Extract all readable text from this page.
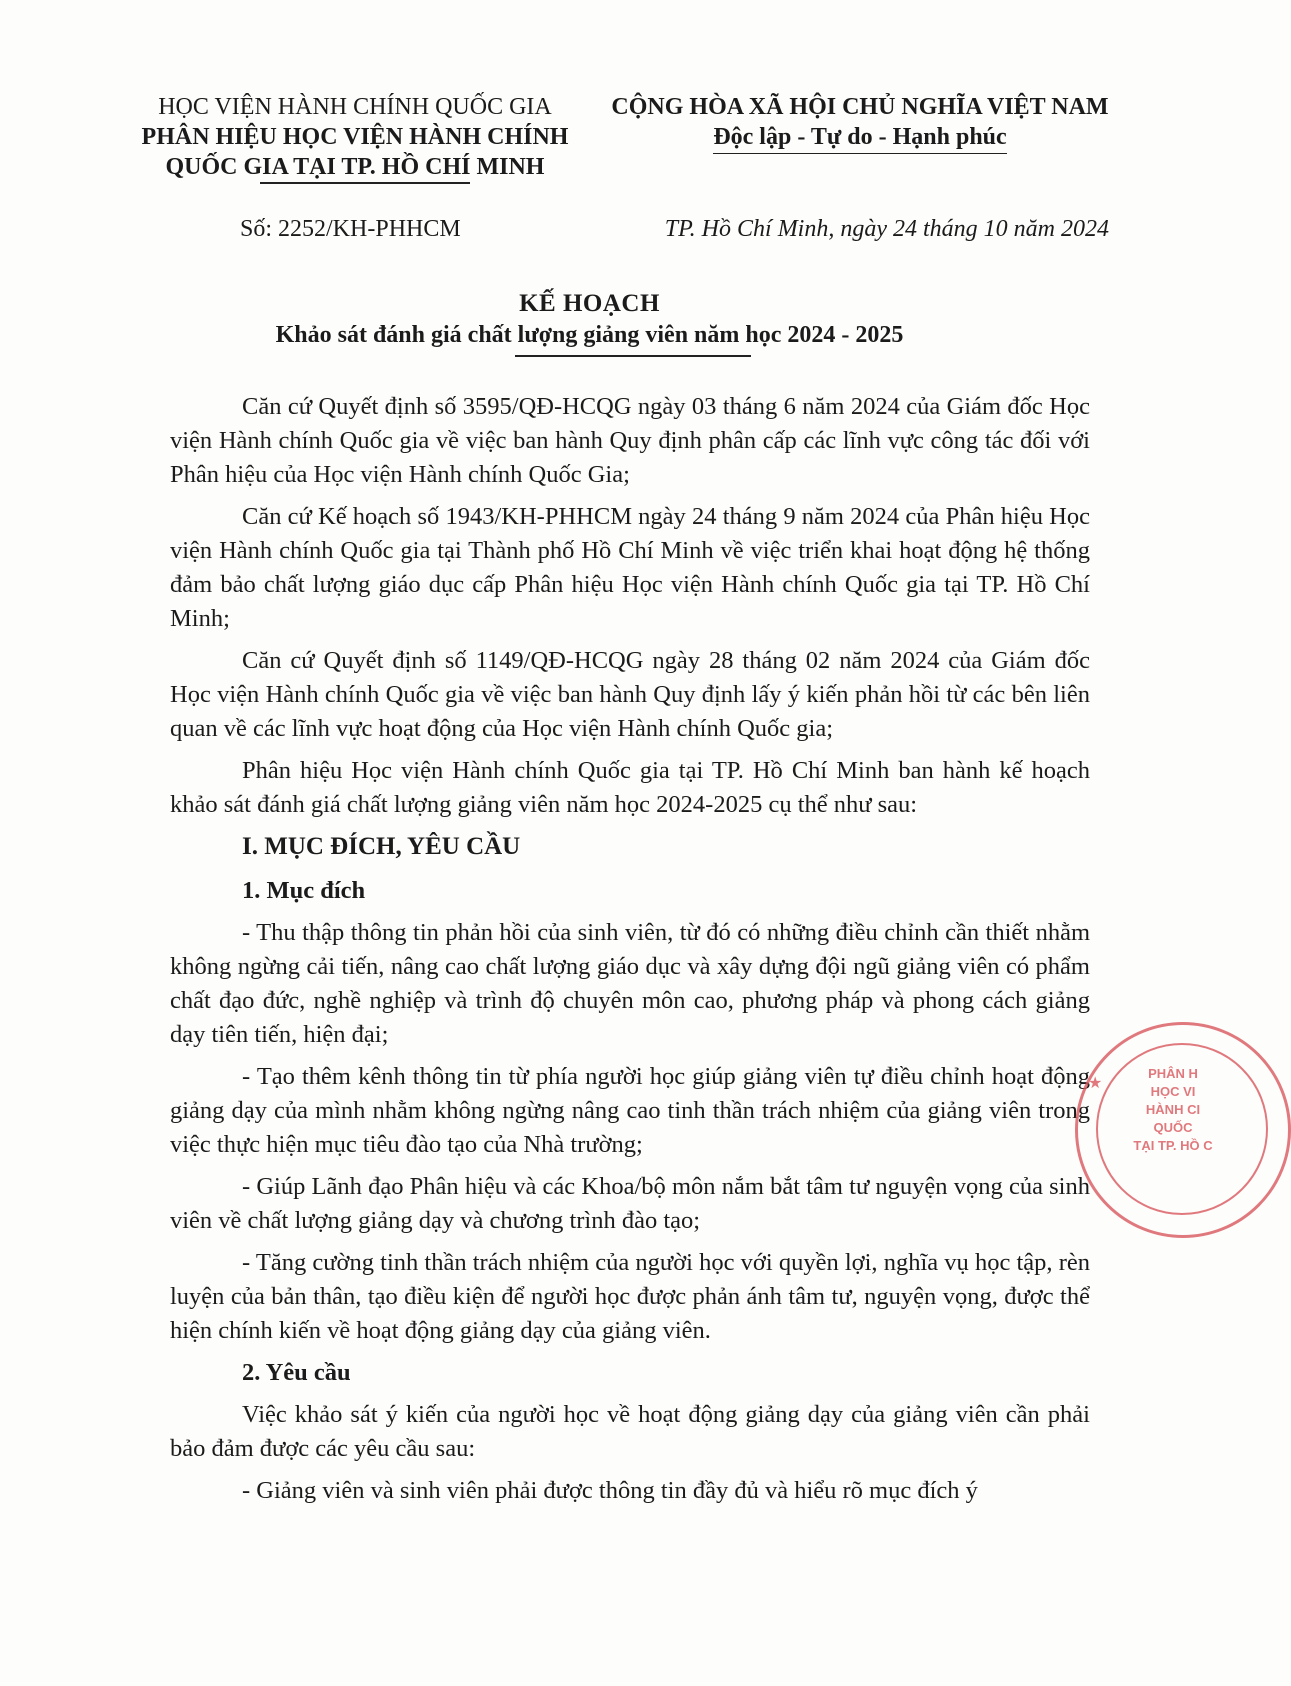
HỌC VIỆN HÀNH CHÍNH QUỐC GIA
PHÂN HIỆU HỌC VIỆN HÀNH CHÍNH
QUỐC GIA TẠI TP. HỒ CHÍ MINH
CỘNG HÒA XÃ HỘI CHỦ NGHĨA VIỆT NAM
Độc lập - Tự do - Hạnh phúc
Số: 2252/KH-PHHCM	TP. Hồ Chí Minh, ngày 24 tháng 10 năm 2024
KẾ HOẠCH
Khảo sát đánh giá chất lượng giảng viên năm học 2024 - 2025

Căn cứ Quyết định số 3595/QĐ-HCQG ngày 03 tháng 6 năm 2024 của Giám đốc Học viện Hành chính Quốc gia về việc ban hành Quy định phân cấp các lĩnh vực công tác đối với Phân hiệu của Học viện Hành chính Quốc Gia;

Căn cứ Kế hoạch số 1943/KH-PHHCM ngày 24 tháng 9 năm 2024 của Phân hiệu Học viện Hành chính Quốc gia tại Thành phố Hồ Chí Minh về việc triển khai hoạt động hệ thống đảm bảo chất lượng giáo dục cấp Phân hiệu Học viện Hành chính Quốc gia tại TP. Hồ Chí Minh;

Căn cứ Quyết định số 1149/QĐ-HCQG ngày 28 tháng 02 năm 2024 của Giám đốc Học viện Hành chính Quốc gia về việc ban hành Quy định lấy ý kiến phản hồi từ các bên liên quan về các lĩnh vực hoạt động của Học viện Hành chính Quốc gia;

Phân hiệu Học viện Hành chính Quốc gia tại TP. Hồ Chí Minh ban hành kế hoạch khảo sát đánh giá chất lượng giảng viên năm học 2024-2025 cụ thể như sau:

I. MỤC ĐÍCH, YÊU CẦU
1. Mục đích

- Thu thập thông tin phản hồi của sinh viên, từ đó có những điều chỉnh cần thiết nhằm không ngừng cải tiến, nâng cao chất lượng giáo dục và xây dựng đội ngũ giảng viên có phẩm chất đạo đức, nghề nghiệp và trình độ chuyên môn cao, phương pháp và phong cách giảng dạy tiên tiến, hiện đại;

- Tạo thêm kênh thông tin từ phía người học giúp giảng viên tự điều chỉnh hoạt động giảng dạy của mình nhằm không ngừng nâng cao tinh thần trách nhiệm của giảng viên trong việc thực hiện mục tiêu đào tạo của Nhà trường;

- Giúp Lãnh đạo Phân hiệu và các Khoa/bộ môn nắm bắt tâm tư nguyện vọng của sinh viên về chất lượng giảng dạy và chương trình đào tạo;

- Tăng cường tinh thần trách nhiệm của người học với quyền lợi, nghĩa vụ học tập, rèn luyện của bản thân, tạo điều kiện để người học được phản ánh tâm tư, nguyện vọng, được thể hiện chính kiến về hoạt động giảng dạy của giảng viên.

2. Yêu cầu

Việc khảo sát ý kiến của người học về hoạt động giảng dạy của giảng viên cần phải bảo đảm được các yêu cầu sau:

- Giảng viên và sinh viên phải được thông tin đầy đủ và hiểu rõ mục đích ý

★
PHÂN H
HỌC VI
HÀNH CI
QUỐC
TẠI TP. HỒ C
